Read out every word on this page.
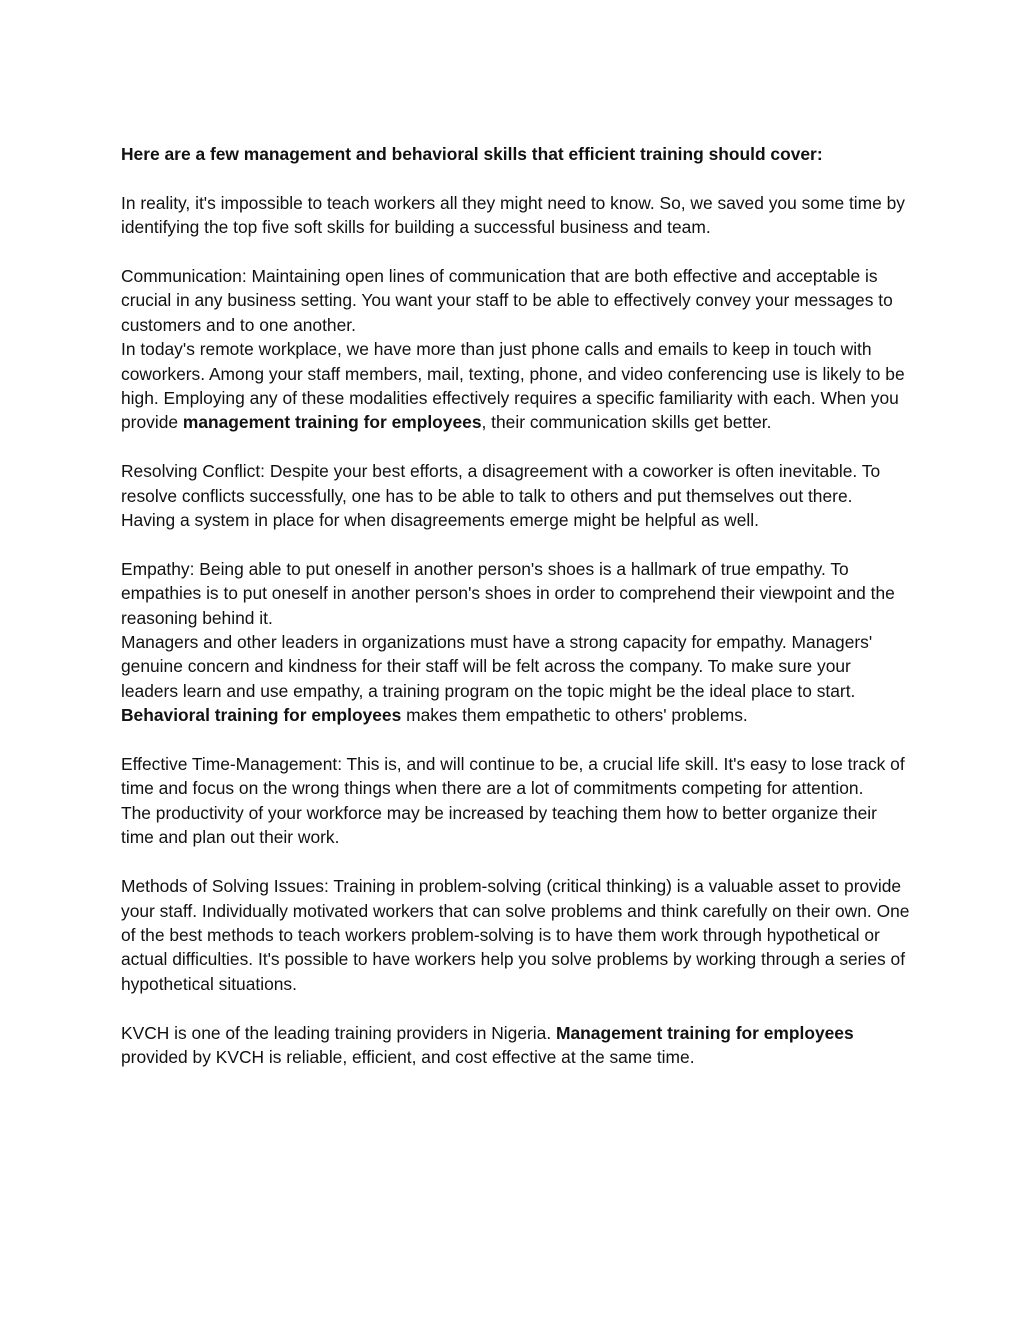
Here are a few management and behavioral skills that efficient training should cover:

In reality, it's impossible to teach workers all they might need to know. So, we saved you some time by identifying the top five soft skills for building a successful business and team.

Communication: Maintaining open lines of communication that are both effective and acceptable is crucial in any business setting. You want your staff to be able to effectively convey your messages to customers and to one another.

In today's remote workplace, we have more than just phone calls and emails to keep in touch with coworkers. Among your staff members, mail, texting, phone, and video conferencing use is likely to be high. Employing any of these modalities effectively requires a specific familiarity with each. When you provide management training for employees, their communication skills get better.

Resolving Conflict: Despite your best efforts, a disagreement with a coworker is often inevitable. To resolve conflicts successfully, one has to be able to talk to others and put themselves out there. Having a system in place for when disagreements emerge might be helpful as well.

Empathy: Being able to put oneself in another person's shoes is a hallmark of true empathy. To empathies is to put oneself in another person's shoes in order to comprehend their viewpoint and the reasoning behind it.

Managers and other leaders in organizations must have a strong capacity for empathy. Managers' genuine concern and kindness for their staff will be felt across the company. To make sure your leaders learn and use empathy, a training program on the topic might be the ideal place to start. Behavioral training for employees makes them empathetic to others' problems.

Effective Time-Management: This is, and will continue to be, a crucial life skill. It's easy to lose track of time and focus on the wrong things when there are a lot of commitments competing for attention.

The productivity of your workforce may be increased by teaching them how to better organize their time and plan out their work.

Methods of Solving Issues: Training in problem-solving (critical thinking) is a valuable asset to provide your staff. Individually motivated workers that can solve problems and think carefully on their own. One of the best methods to teach workers problem-solving is to have them work through hypothetical or actual difficulties. It's possible to have workers help you solve problems by working through a series of hypothetical situations.

KVCH is one of the leading training providers in Nigeria. Management training for employees provided by KVCH is reliable, efficient, and cost effective at the same time.
